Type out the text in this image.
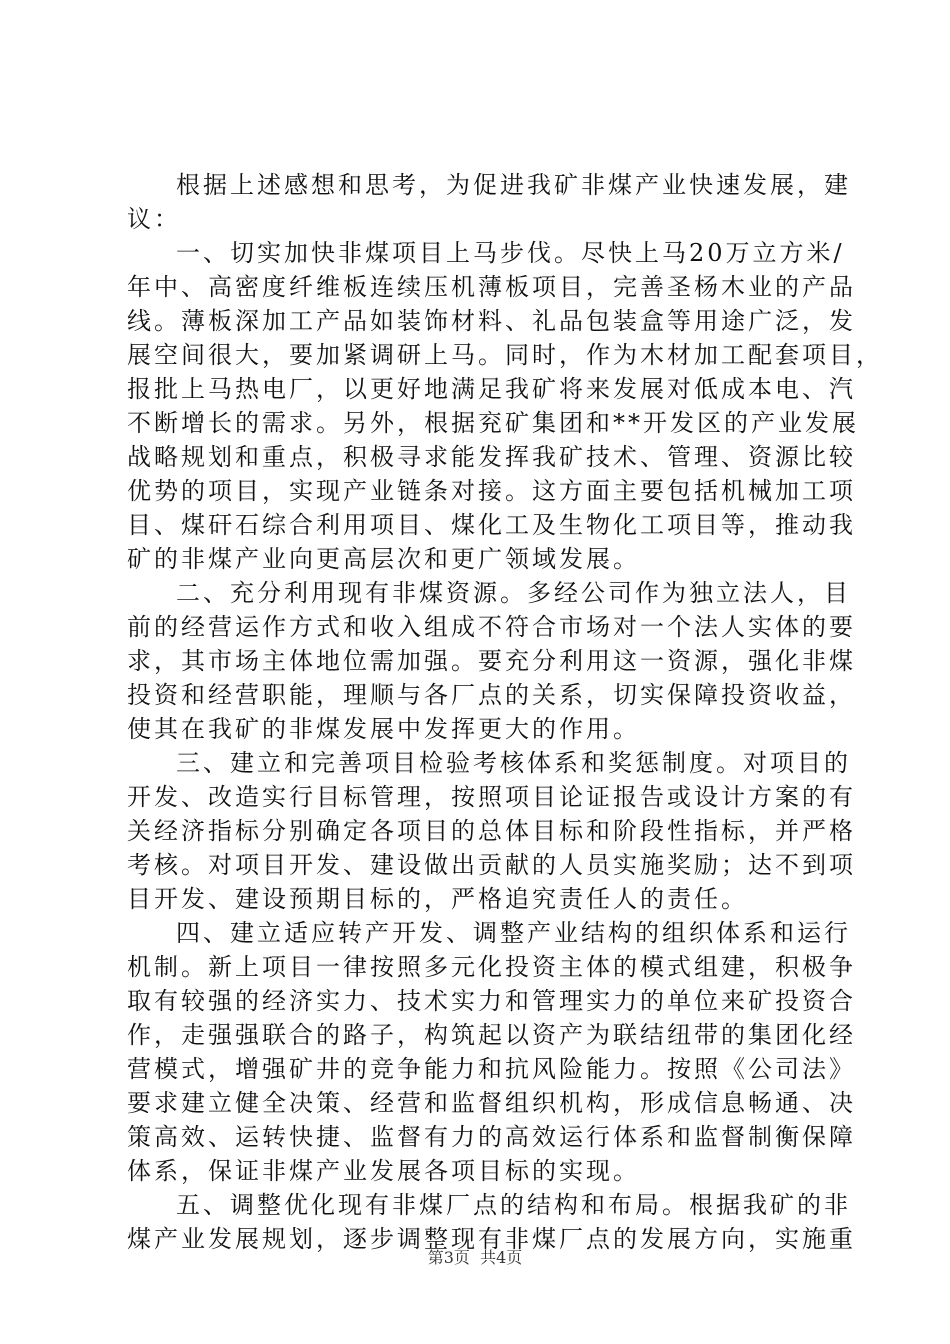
根据上述感想和思考，为促进我矿非煤产业快速发展，建
议：
一、切实加快非煤项目上马步伐。尽快上马20万立方米/
年中、高密度纤维板连续压机薄板项目，完善圣杨木业的产品
线。薄板深加工产品如装饰材料、礼品包装盒等用途广泛，发
展空间很大，要加紧调研上马。同时，作为木材加工配套项目，
报批上马热电厂，以更好地满足我矿将来发展对低成本电、汽
不断增长的需求。另外，根据兖矿集团和**开发区的产业发展
战略规划和重点，积极寻求能发挥我矿技术、管理、资源比较
优势的项目，实现产业链条对接。这方面主要包括机械加工项
目、煤矸石综合利用项目、煤化工及生物化工项目等，推动我
矿的非煤产业向更高层次和更广领域发展。
二、充分利用现有非煤资源。多经公司作为独立法人，目
前的经营运作方式和收入组成不符合市场对一个法人实体的要
求，其市场主体地位需加强。要充分利用这一资源，强化非煤
投资和经营职能，理顺与各厂点的关系，切实保障投资收益，
使其在我矿的非煤发展中发挥更大的作用。
三、建立和完善项目检验考核体系和奖惩制度。对项目的
开发、改造实行目标管理，按照项目论证报告或设计方案的有
关经济指标分别确定各项目的总体目标和阶段性指标，并严格
考核。对项目开发、建设做出贡献的人员实施奖励；达不到项
目开发、建设预期目标的，严格追究责任人的责任。
四、建立适应转产开发、调整产业结构的组织体系和运行
机制。新上项目一律按照多元化投资主体的模式组建，积极争
取有较强的经济实力、技术实力和管理实力的单位来矿投资合
作，走强强联合的路子，构筑起以资产为联结纽带的集团化经
营模式，增强矿井的竞争能力和抗风险能力。按照《公司法》
要求建立健全决策、经营和监督组织机构，形成信息畅通、决
策高效、运转快捷、监督有力的高效运行体系和监督制衡保障
体系，保证非煤产业发展各项目标的实现。
五、调整优化现有非煤厂点的结构和布局。根据我矿的非
煤产业发展规划，逐步调整现有非煤厂点的发展方向，实施重
第3页  共4页
